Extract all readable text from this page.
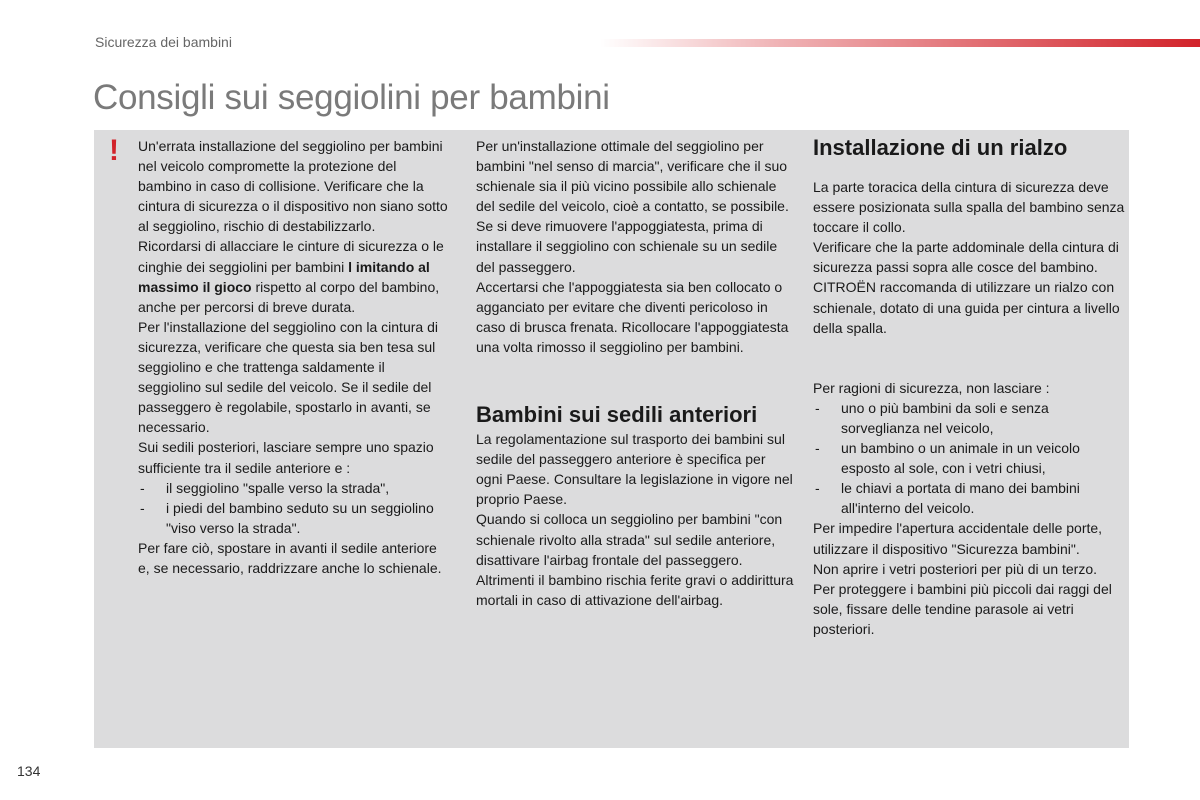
Sicurezza dei bambini
Consigli sui seggiolini per bambini
! Un'errata installazione del seggiolino per bambini nel veicolo compromette la protezione del bambino in caso di collisione. Verificare che la cintura di sicurezza o il dispositivo non siano sotto al seggiolino, rischio di destabilizzarlo.

Ricordarsi di allacciare le cinture di sicurezza o le cinghie dei seggiolini per bambini l imitando al massimo il gioco rispetto al corpo del bambino, anche per percorsi di breve durata.

Per l'installazione del seggiolino con la cintura di sicurezza, verificare che questa sia ben tesa sul seggiolino e che trattenga saldamente il seggiolino sul sedile del veicolo. Se il sedile del passeggero è regolabile, spostarlo in avanti, se necessario.

Sui sedili posteriori, lasciare sempre uno spazio sufficiente tra il sedile anteriore e :

- il seggiolino "spalle verso la strada",
- i piedi del bambino seduto su un seggiolino "viso verso la strada".

Per fare ciò, spostare in avanti il sedile anteriore e, se necessario, raddrizzare anche lo schienale.

Per un'installazione ottimale del seggiolino per bambini "nel senso di marcia", verificare che il suo schienale sia il più vicino possibile allo schienale del sedile del veicolo, cioè a contatto, se possibile.

Se si deve rimuovere l'appoggiatesta, prima di installare il seggiolino con schienale su un sedile del passeggero.

Accertarsi che l'appoggiatesta sia ben collocato o agganciato per evitare che diventi pericoloso in caso di brusca frenata. Ricollocare l'appoggiatesta una volta rimosso il seggiolino per bambini.

Bambini sui sedili anteriori

La regolamentazione sul trasporto dei bambini sul sedile del passeggero anteriore è specifica per ogni Paese. Consultare la legislazione in vigore nel proprio Paese.

Quando si colloca un seggiolino per bambini "con schienale rivolto alla strada" sul sedile anteriore, disattivare l'airbag frontale del passeggero. Altrimenti il bambino rischia ferite gravi o addirittura mortali in caso di attivazione dell'airbag.

Installazione di un rialzo

La parte toracica della cintura di sicurezza deve essere posizionata sulla spalla del bambino senza toccare il collo.

Verificare che la parte addominale della cintura di sicurezza passi sopra alle cosce del bambino.

CITROËN raccomanda di utilizzare un rialzo con schienale, dotato di una guida per cintura a livello della spalla.

Per ragioni di sicurezza, non lasciare :

- uno o più bambini da soli e senza sorveglianza nel veicolo,
- un bambino o un animale in un veicolo esposto al sole, con i vetri chiusi,
- le chiavi a portata di mano dei bambini all'interno del veicolo.

Per impedire l'apertura accidentale delle porte, utilizzare il dispositivo "Sicurezza bambini".

Non aprire i vetri posteriori per più di un terzo.

Per proteggere i bambini più piccoli dai raggi del sole, fissare delle tendine parasole ai vetri posteriori.

134
